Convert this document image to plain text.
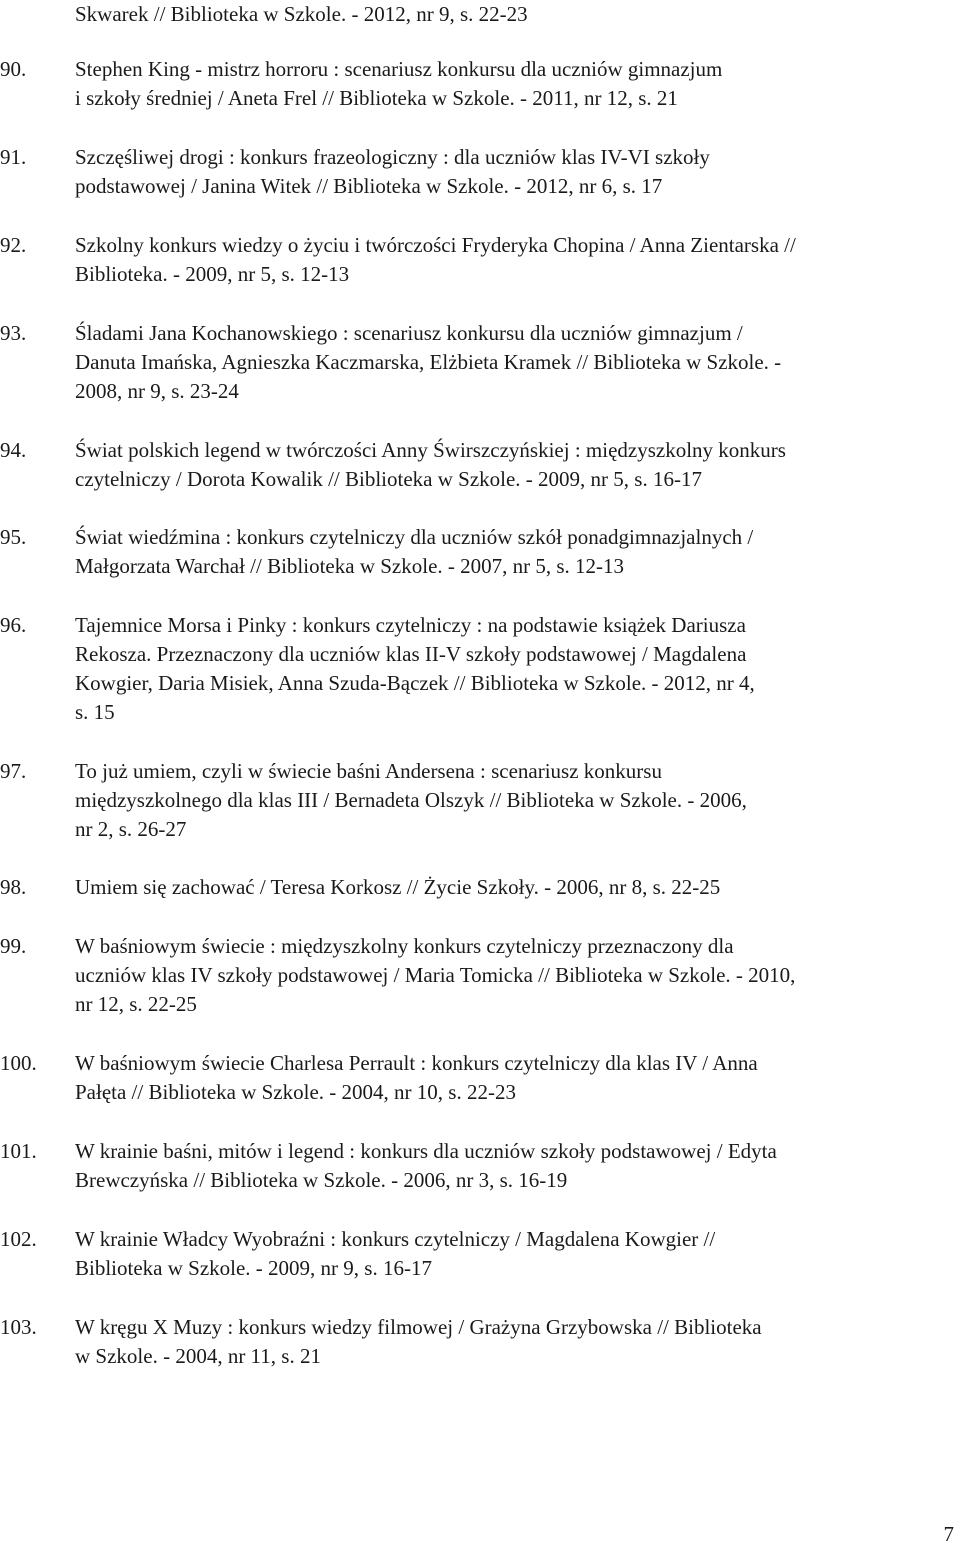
Skwarek // Biblioteka w Szkole. - 2012, nr 9, s. 22-23
90.	Stephen King - mistrz horroru : scenariusz konkursu dla uczniów gimnazjum
i szkoły średniej / Aneta Frel // Biblioteka w Szkole. - 2011, nr 12, s. 21
91.	Szczęśliwej drogi : konkurs frazeologiczny : dla uczniów klas IV-VI szkoły
podstawowej / Janina Witek // Biblioteka w Szkole. - 2012, nr 6, s. 17
92.	Szkolny konkurs wiedzy o życiu i twórczości Fryderyka Chopina / Anna Zientarska //
Biblioteka. - 2009, nr 5, s. 12-13
93.	Śladami Jana Kochanowskiego : scenariusz konkursu dla uczniów gimnazjum /
Danuta Imańska, Agnieszka Kaczmarska, Elżbieta Kramek // Biblioteka w Szkole. -
2008, nr 9, s. 23-24
94.	Świat polskich legend w twórczości Anny Świrszczyńskiej : międzyszkolny konkurs
czytelniczy / Dorota Kowalik // Biblioteka w Szkole. - 2009, nr 5, s. 16-17
95.	Świat wiedźmina : konkurs czytelniczy dla uczniów szkół ponadgimnazjalnych /
Małgorzata Warchał // Biblioteka w Szkole. - 2007, nr 5, s. 12-13
96.	Tajemnice Morsa i Pinky : konkurs czytelniczy : na podstawie książek Dariusza
Rekosza. Przeznaczony dla uczniów klas II-V szkoły podstawowej / Magdalena
Kowgier, Daria Misiek, Anna Szuda-Bączek // Biblioteka w Szkole. - 2012, nr 4,
s. 15
97.	To już umiem, czyli w świecie baśni Andersena : scenariusz konkursu
międzyszkolnego dla klas III / Bernadeta Olszyk // Biblioteka w Szkole. - 2006,
nr 2, s. 26-27
98.	Umiem się zachować / Teresa Korkosz // Życie Szkoły. - 2006, nr 8, s. 22-25
99.	W baśniowym świecie : międzyszkolny konkurs czytelniczy przeznaczony dla
uczniów klas IV szkoły podstawowej / Maria Tomicka // Biblioteka w Szkole. - 2010,
nr 12, s. 22-25
100.	W baśniowym świecie Charlesa Perrault : konkurs czytelniczy dla klas IV / Anna
Pałęta // Biblioteka w Szkole. - 2004, nr 10, s. 22-23
101.	W krainie baśni, mitów i legend : konkurs dla uczniów szkoły podstawowej / Edyta
Brewczyńska // Biblioteka w Szkole. - 2006, nr 3, s. 16-19
102.	W krainie Władcy Wyobraźni : konkurs czytelniczy / Magdalena Kowgier //
Biblioteka w Szkole. - 2009, nr 9, s. 16-17
103.	W kręgu X Muzy : konkurs wiedzy filmowej / Grażyna Grzybowska // Biblioteka
w Szkole. - 2004, nr 11, s. 21
7
